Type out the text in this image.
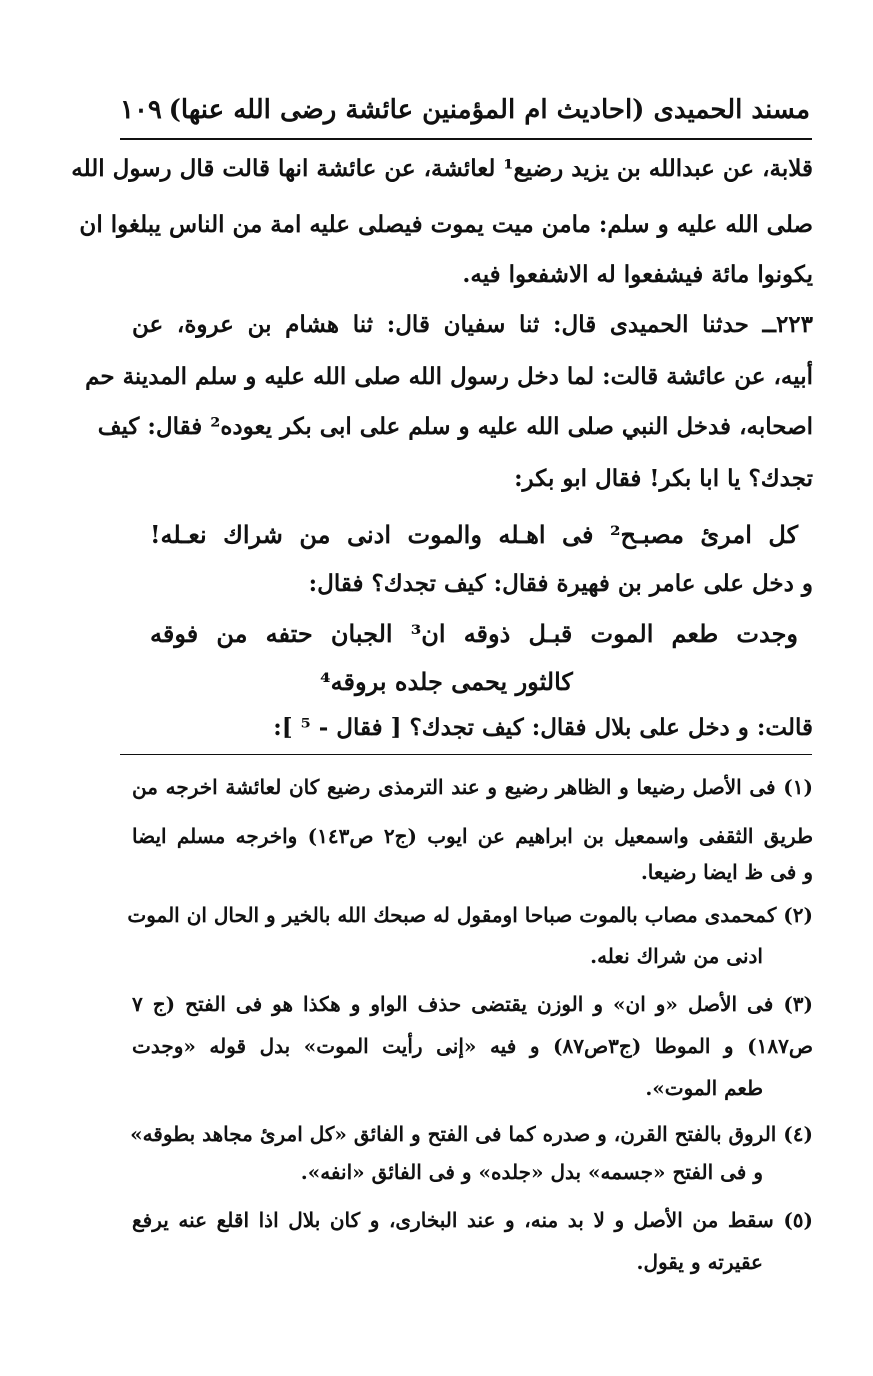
مسند الحميدى (احاديث ام المؤمنين عائشة رضى الله عنها)
١٠٩
قلابة، عن عبدالله بن يزيد رضيع¹ لعائشة، عن عائشة انها قالت قال رسول الله
صلى الله عليه و سلم: مامن ميت يموت فيصلى عليه امة من الناس يبلغوا ان
يكونوا مائة فيشفعوا له الاشفعوا فيه.
٢٢٣ــ حدثنا الحميدى قال: ثنا سفيان قال: ثنا هشام بن عروة، عن
أبيه، عن عائشة قالت: لما دخل رسول الله صلى الله عليه و سلم المدينة حم
اصحابه، فدخل النبي صلى الله عليه و سلم على ابى بكر يعوده² فقال: كيف
تجدك؟ يا ابا بكر! فقال ابو بكر:
كل امرئ مصبـح² فى اهـله والموت ادنى من شراك نعـله!
و دخل على عامر بن فهيرة فقال: كيف تجدك؟ فقال:
وجدت طعم الموت قبـل ذوقه ان³ الجبان حتفه من فوقه
كالثور يحمى جلده بروقه⁴
قالت: و دخل على بلال فقال: كيف تجدك؟ [ فقال - ⁵ ]:
(١) فى الأصل رضيعا و الظاهر رضيع و عند الترمذى رضيع كان لعائشة اخرجه من
طريق الثقفى واسمعيل بن ابراهيم عن ايوب (ج٢ ص١٤٣) واخرجه مسلم ايضا
و فى ظ ايضا رضيعا.
(٢) كمحمدى مصاب بالموت صباحا اومقول له صبحك الله بالخير و الحال ان الموت
ادنى من شراك نعله.
(٣) فى الأصل «و ان» و الوزن يقتضى حذف الواو و هكذا هو فى الفتح (ج ٧
ص١٨٧) و الموطا (ج٣ص٨٧) و فيه «إنى رأيت الموت» بدل قوله «وجدت
طعم الموت».
(٤) الروق بالفتح القرن، و صدره كما فى الفتح و الفائق «كل امرئ مجاهد بطوقه»
و فى الفتح «جسمه» بدل «جلده» و فى الفائق «انفه».
(٥) سقط من الأصل و لا بد منه، و عند البخارى، و كان بلال اذا اقلع عنه يرفع
عقيرته و يقول.
